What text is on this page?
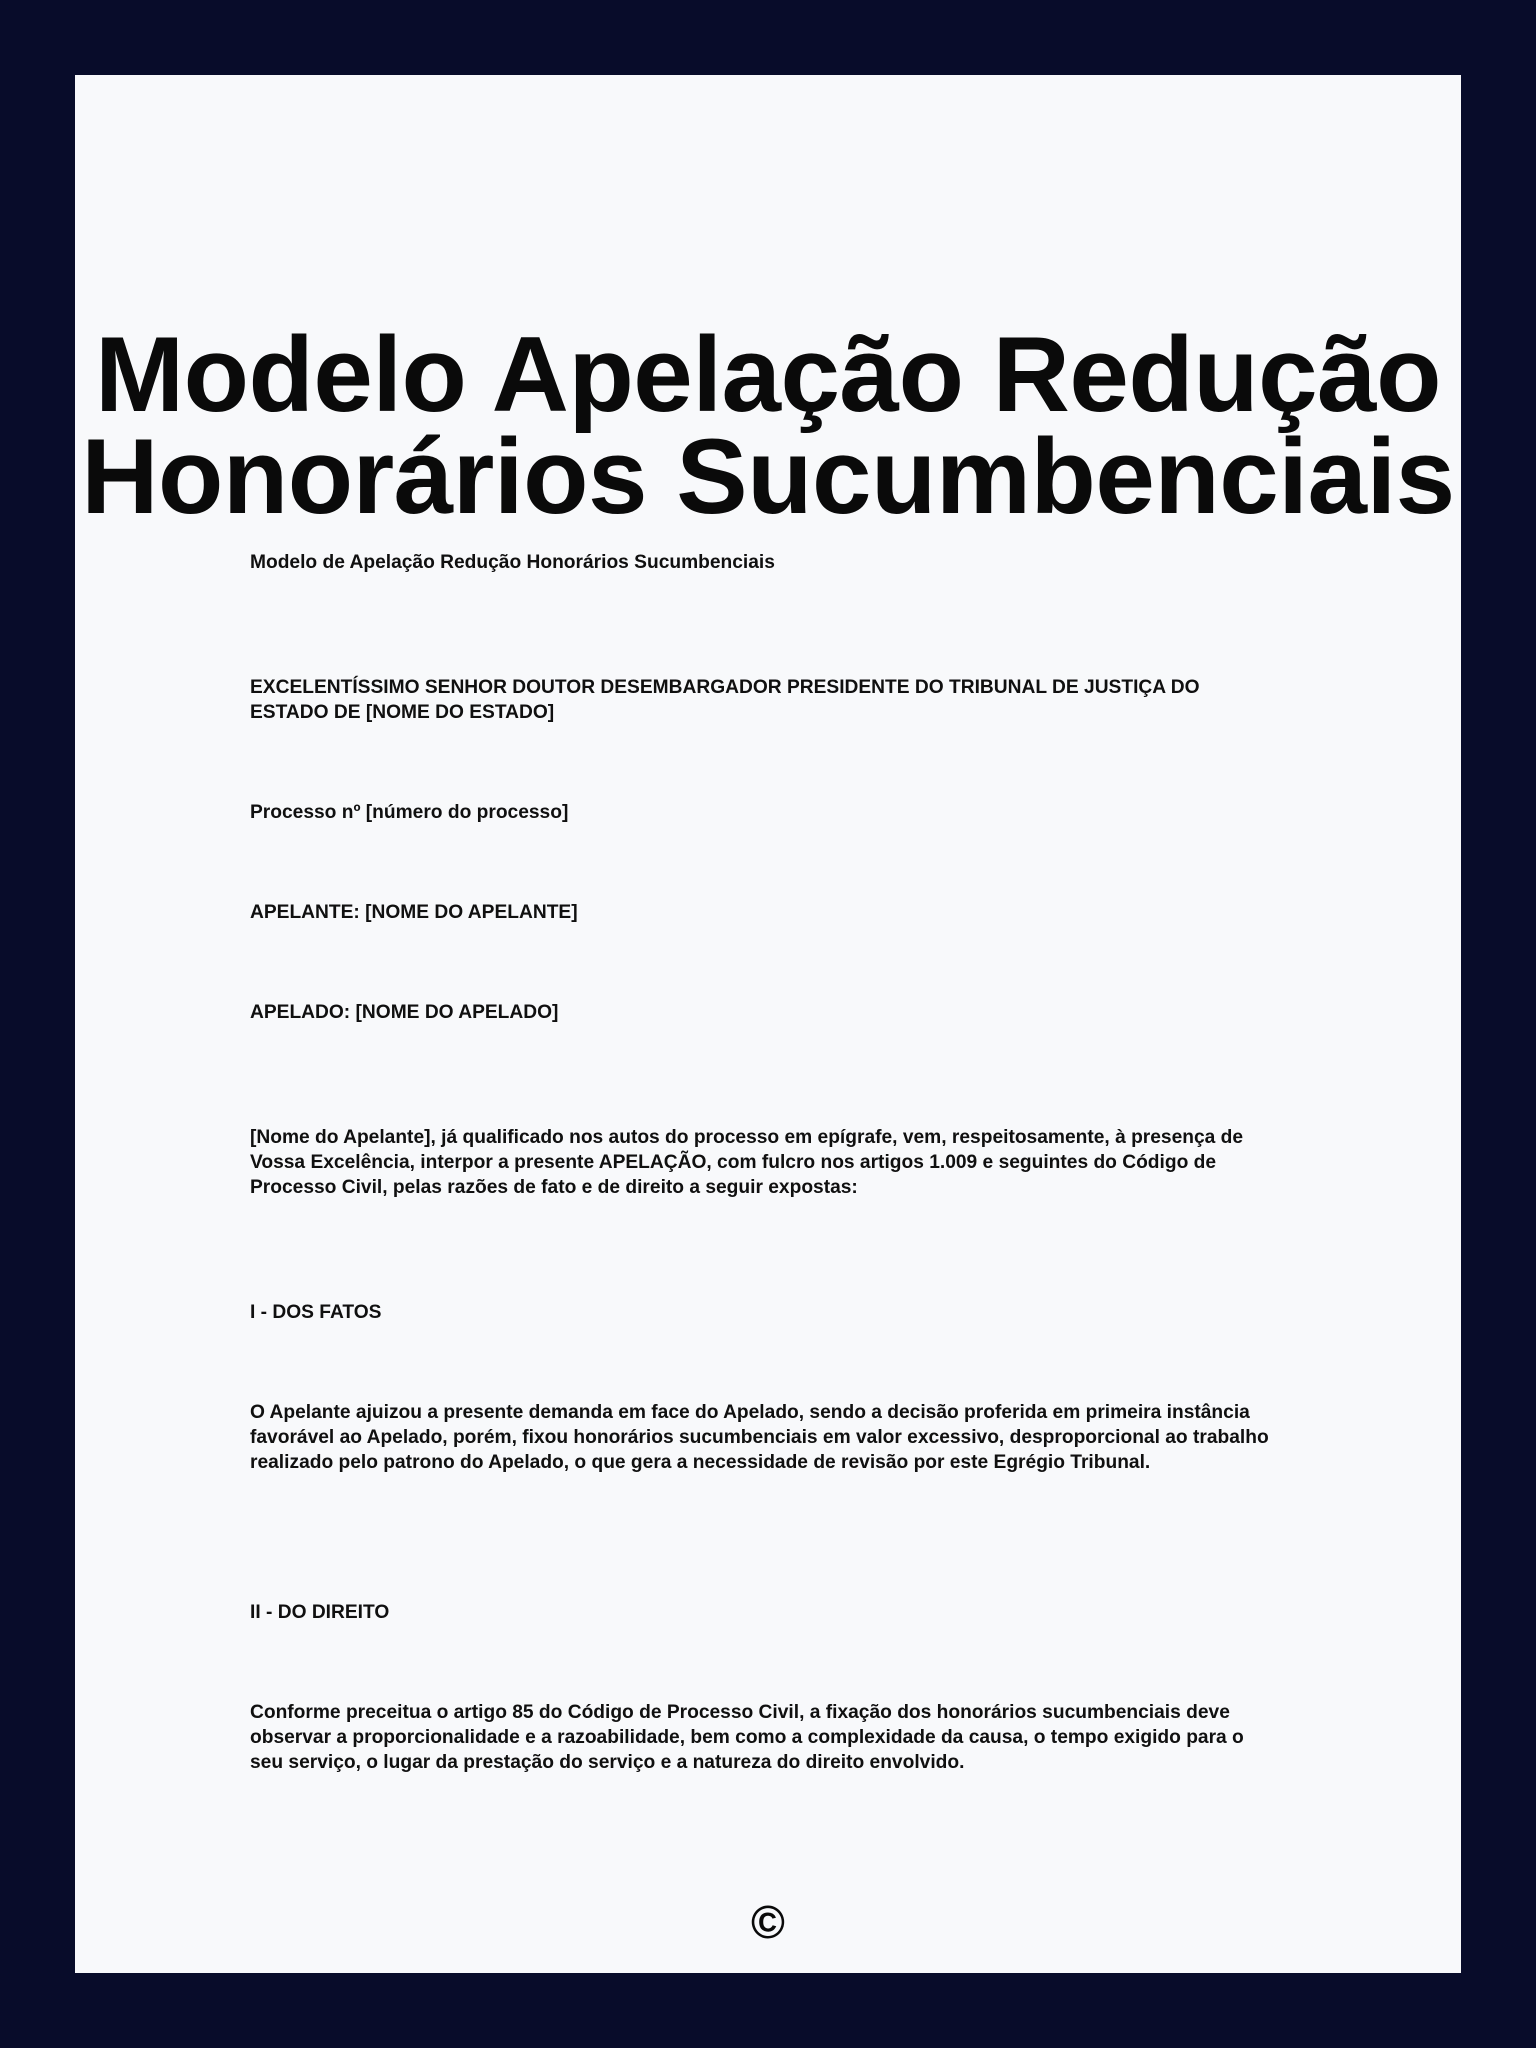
Modelo Apelação Redução
Honorários Sucumbenciais

Modelo de Apelação Redução Honorários Sucumbenciais

EXCELENTÍSSIMO SENHOR DOUTOR DESEMBARGADOR PRESIDENTE DO TRIBUNAL DE JUSTIÇA DO ESTADO DE [NOME DO ESTADO]

Processo nº [número do processo]

APELANTE: [NOME DO APELANTE]

APELADO: [NOME DO APELADO]

[Nome do Apelante], já qualificado nos autos do processo em epígrafe, vem, respeitosamente, à presença de Vossa Excelência, interpor a presente APELAÇÃO, com fulcro nos artigos 1.009 e seguintes do Código de Processo Civil, pelas razões de fato e de direito a seguir expostas:

I - DOS FATOS

O Apelante ajuizou a presente demanda em face do Apelado, sendo a decisão proferida em primeira instância favorável ao Apelado, porém, fixou honorários sucumbenciais em valor excessivo, desproporcional ao trabalho realizado pelo patrono do Apelado, o que gera a necessidade de revisão por este Egrégio Tribunal.

II - DO DIREITO

Conforme preceitua o artigo 85 do Código de Processo Civil, a fixação dos honorários sucumbenciais deve observar a proporcionalidade e a razoabilidade, bem como a complexidade da causa, o tempo exigido para o seu serviço, o lugar da prestação do serviço e a natureza do direito envolvido.

©
